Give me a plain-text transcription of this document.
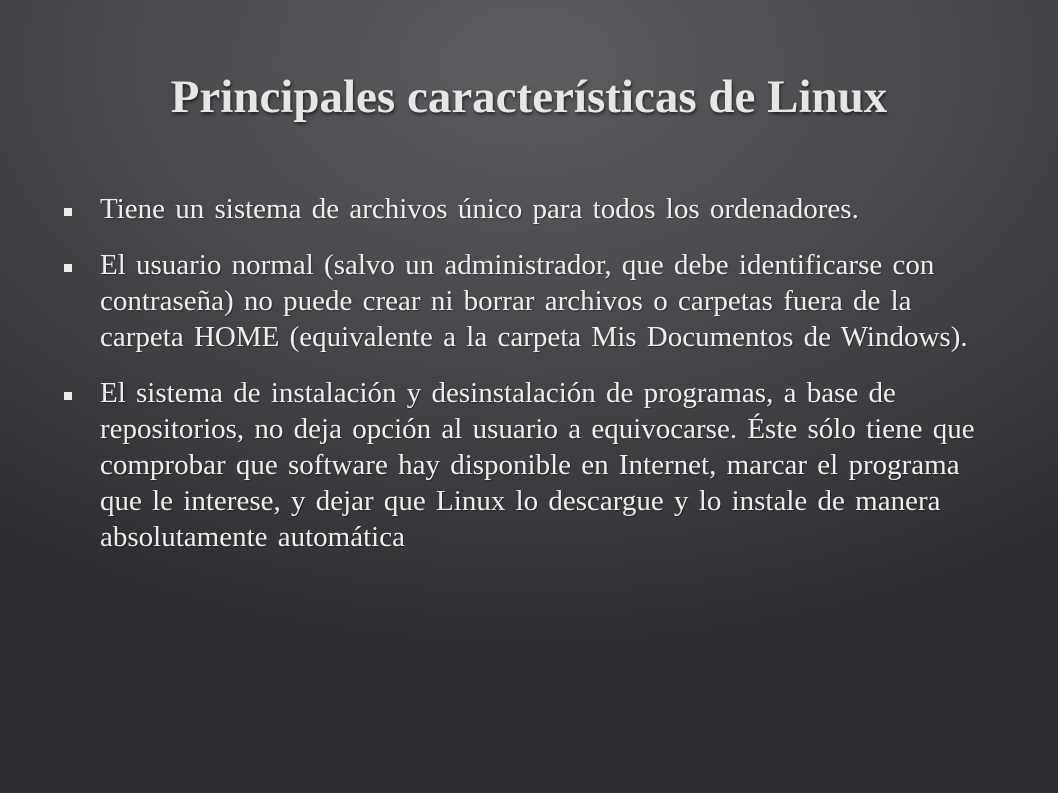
Principales características de Linux
Tiene un sistema de archivos único para todos los ordenadores.
El usuario normal (salvo un administrador, que debe identificarse con contraseña) no puede crear ni borrar archivos o carpetas fuera de la carpeta HOME (equivalente a la carpeta Mis Documentos de Windows).
El sistema de instalación y desinstalación de programas, a base de repositorios, no deja opción al usuario a equivocarse. Éste sólo tiene que comprobar que software hay disponible en Internet, marcar el programa que le interese, y dejar que Linux lo descargue y lo instale de manera absolutamente automática
